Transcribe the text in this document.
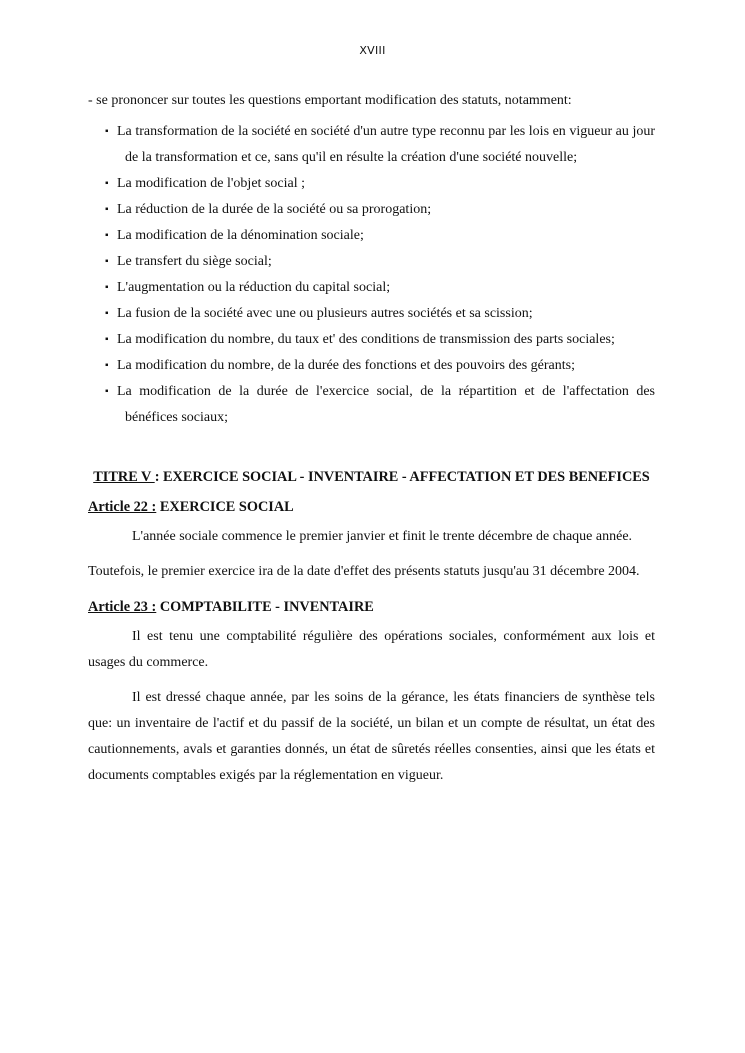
XVIII

- se prononcer sur toutes les questions emportant modification des statuts, notamment:

▪ La transformation de la société en société d'un autre type reconnu par les lois en vigueur au jour de la transformation et ce, sans qu'il en résulte la création d'une société nouvelle;
▪ La modification de l'objet social ;
▪ La réduction de la durée de la société ou sa prorogation;
▪ La modification de la dénomination sociale;
▪ Le transfert du siège social;
▪ L'augmentation ou la réduction du capital social;
▪ La fusion de la société avec une ou plusieurs autres sociétés et sa scission;
▪ La modification du nombre, du taux et' des conditions de transmission des parts sociales;
▪ La modification du nombre, de la durée des fonctions et des pouvoirs des gérants;
▪ La modification de la durée de l'exercice social, de la répartition et de l'affectation des bénéfices sociaux;
TITRE V : EXERCICE SOCIAL - INVENTAIRE - AFFECTATION ET DES BENEFICES
Article 22 : EXERCICE SOCIAL

L'année sociale commence le premier janvier et finit le trente décembre de chaque année.

Toutefois, le premier exercice ira de la date d'effet des présents statuts jusqu'au 31 décembre 2004.

Article 23 : COMPTABILITE - INVENTAIRE

Il est tenu une comptabilité régulière des opérations sociales, conformément aux lois et usages du commerce.

Il est dressé chaque année, par les soins de la gérance, les états financiers de synthèse tels que: un inventaire de l'actif et du passif de la société, un bilan et un compte de résultat, un état des cautionnements, avals et garanties donnés, un état de sûretés réelles consenties, ainsi que les états et documents comptables exigés par la réglementation en vigueur.
